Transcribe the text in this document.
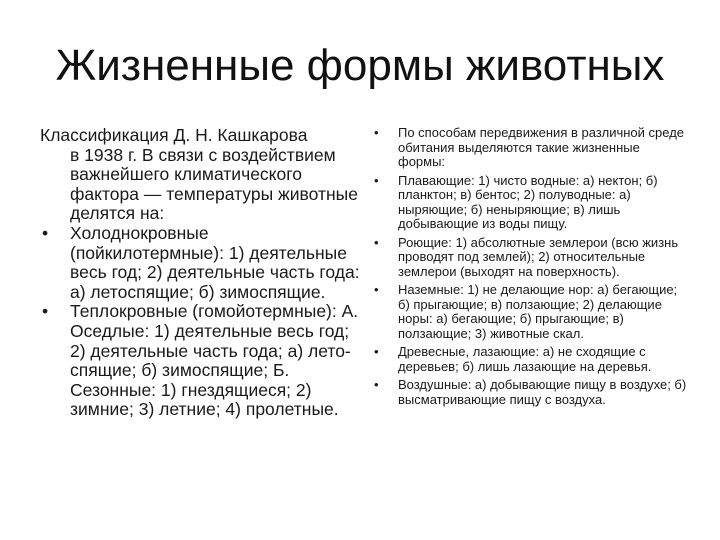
Жизненные формы животных

Классификация Д. Н. Кашкарова
в 1938 г. В связи с воздействием важнейшего климатического фактора — температуры животные делятся на:

• Холоднокровные (пойкилотермные): 1) деятельные весь год; 2) деятельные часть года: а) летоспящие; б) зимоспящие.
• Теплокровные (гомойотермные): А. Оседлые: 1) деятельные весь год; 2) деятельные часть года; а) лето-спящие; б) зимоспящие; Б. Сезонные: 1) гнездящиеся; 2) зимние; 3) летние; 4) пролетные.
• По способам передвижения в различной среде обитания выделяются такие жизненные формы:
• Плавающие: 1) чисто водные: а) нектон; б) планктон; в) бентос; 2) полуводные: а) ныряющие; б) неныряющие; в) лишь добывающие из воды пищу.
• Роющие: 1) абсолютные землерои (всю жизнь проводят под землей); 2) относительные землерои (выходят на поверхность).
• Наземные: 1) не делающие нор: а) бегающие; б) прыгающие; в) ползающие; 2) делающие норы: а) бегающие; б) прыгающие; в) ползающие; 3) животные скал.
• Древесные, лазающие: а) не сходящие с деревьев; б) лишь лазающие на деревья.
• Воздушные: а) добывающие пищу в воздухе; б) высматривающие пищу с воздуха.
